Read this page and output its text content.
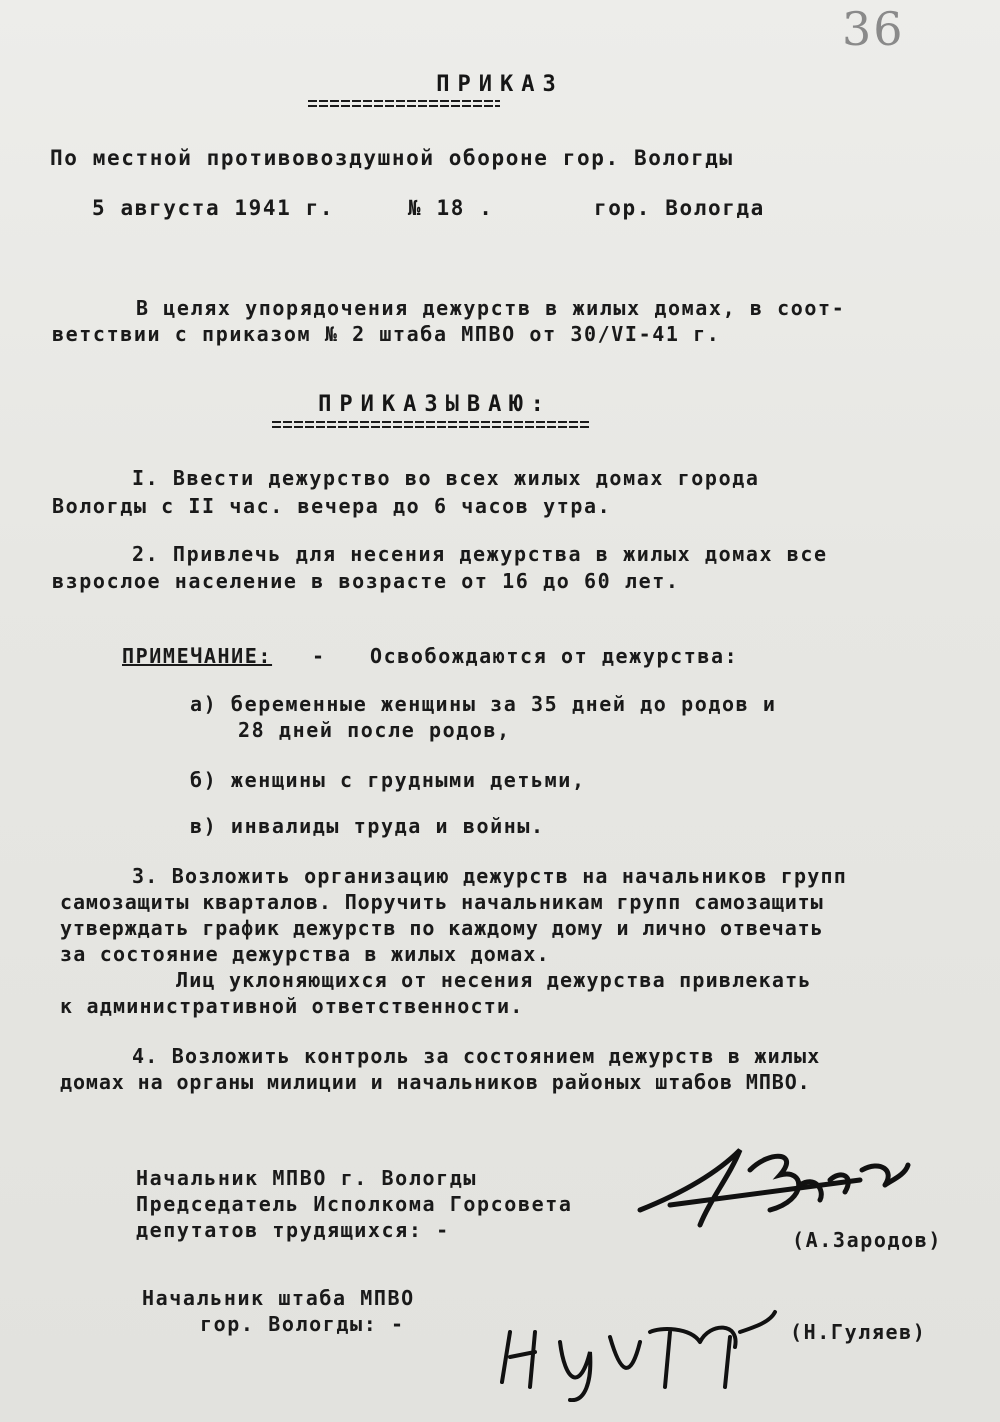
36
ПРИКАЗ
По местной противовоздушной обороне гор. Вологды
5 августа 1941 г.	№ 18 .	гор. Вологда
В целях упорядочения дежурств в жилых домах, в соот-
ветствии с приказом № 2 штаба МПВО от 30/VI-41 г.
ПРИКАЗЫВАЮ:
I. Ввести дежурство во всех жилых домах города
Вологды с II час. вечера до 6 часов утра.
2. Привлечь для несения дежурства в жилых домах все
взрослое население в возрасте от 16 до 60 лет.
ПРИМЕЧАНИЕ: - Освобождаются от дежурства:
а) беременные женщины за 35 дней до родов и
28 дней после родов,
б) женщины с грудными детьми,
в) инвалиды труда и войны.
3. Возложить организацию дежурств на начальников групп
самозащиты кварталов. Поручить начальникам групп самозащиты
утверждать график дежурств по каждому дому и лично отвечать
за состояние дежурства в жилых домах.
Лиц уклоняющихся от несения дежурства привлекать
к административной ответственности.
4. Возложить контроль за состоянием дежурств в жилых
домах на органы милиции и начальников районых штабов МПВО.
Начальник МПВО г. Вологды
Председатель Исполкома Горсовета
депутатов трудящихся: -	(А.Зародов)
Начальник штаба МПВО
гор. Вологды: -	(Н.Гуляев)
